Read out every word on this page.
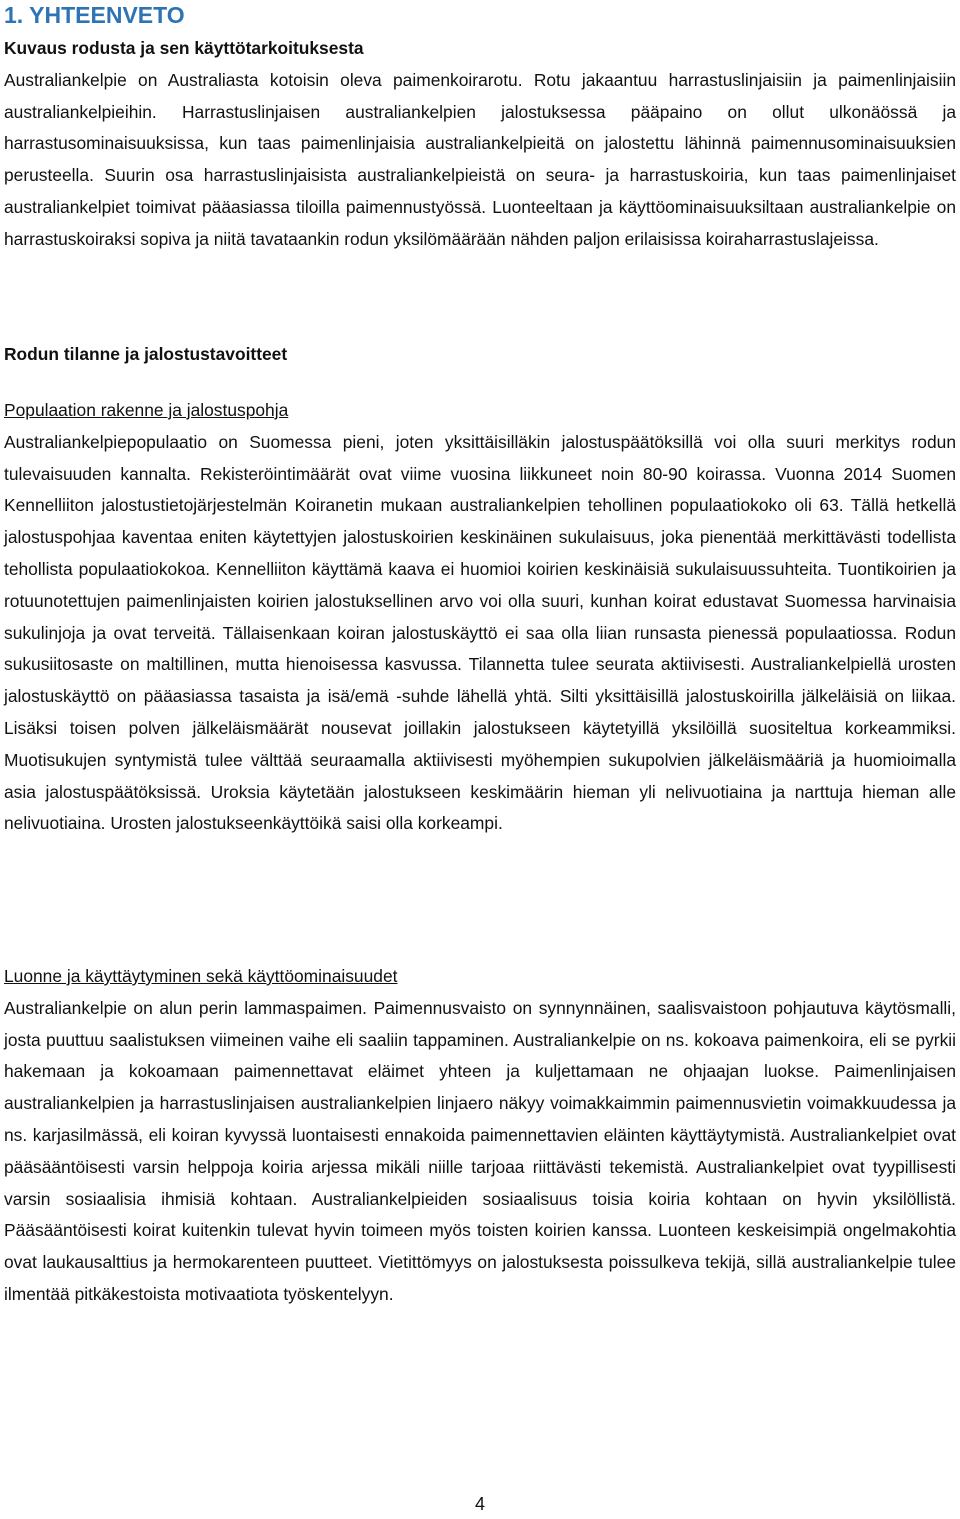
1. YHTEENVETO

Kuvaus rodusta ja sen käyttötarkoituksesta

Australiankelpie on Australiasta kotoisin oleva paimenkoirarotu. Rotu jakaantuu harrastuslinjaisiin ja paimenlinjaisiin australiankelpieihin. Harrastuslinjaisen australiankelpien jalostuksessa pääpaino on ollut ulkonäössä ja harrastusominaisuuksissa, kun taas paimenlinjaisia australiankelpieitä on jalostettu lähinnä paimennusominaisuuksien perusteella. Suurin osa harrastuslinjaisista australiankelpieistä on seura- ja harrastuskoiria, kun taas paimenlinjaiset australiankelpiet toimivat pääasiassa tiloilla paimennustyössä. Luonteeltaan ja käyttöominaisuuksiltaan australiankelpie on harrastuskoiraksi sopiva ja niitä tavataankin rodun yksilömäärään nähden paljon erilaisissa koiraharrastuslajeissa.

Rodun tilanne ja jalostustavoitteet

Populaation rakenne ja jalostuspohja

Australiankelpiepopulaatio on Suomessa pieni, joten yksittäisilläkin jalostuspäätöksillä voi olla suuri merkitys rodun tulevaisuuden kannalta. Rekisteröintimäärät ovat viime vuosina liikkuneet noin 80-90 koirassa. Vuonna 2014 Suomen Kennelliiton jalostustietojärjestelmän Koiranetin mukaan australiankelpien tehollinen populaatiokoko oli 63. Tällä hetkellä jalostuspohjaa kaventaa eniten käytettyjen jalostuskoirien keskinäinen sukulaisuus, joka pienentää merkittävästi todellista tehollista populaatiokokoa. Kennelliiton käyttämä kaava ei huomioi koirien keskinäisiä sukulaisuussuhteita. Tuontikoirien ja rotuunotettujen paimenlinjaisten koirien jalostuksellinen arvo voi olla suuri, kunhan koirat edustavat Suomessa harvinaisia sukulinjoja ja ovat terveitä. Tällaisenkaan koiran jalostuskäyttö ei saa olla liian runsasta pienessä populaatiossa. Rodun sukusiitosaste on maltillinen, mutta hienoisessa kasvussa. Tilannetta tulee seurata aktiivisesti. Australiankelpiellä urosten jalostuskäyttö on pääasiassa tasaista ja isä/emä -suhde lähellä yhtä. Silti yksittäisillä jalostuskoirilla jälkeläisiä on liikaa. Lisäksi toisen polven jälkeläismäärät nousevat joillakin jalostukseen käytetyillä yksilöillä suositeltua korkeammiksi. Muotisukujen syntymistä tulee välttää seuraamalla aktiivisesti myöhempien sukupolvien jälkeläismääriä ja huomioimalla asia jalostuspäätöksissä. Uroksia käytetään jalostukseen keskimäärin hieman yli nelivuotiaina ja narttuja hieman alle nelivuotiaina. Urosten jalostukseenkäyttöikä saisi olla korkeampi.

Luonne ja käyttäytyminen sekä käyttöominaisuudet

Australiankelpie on alun perin lammaspaimen. Paimennusvaisto on synnynnäinen, saalisvaistoon pohjautuva käytösmalli, josta puuttuu saalistuksen viimeinen vaihe eli saaliin tappaminen. Australiankelpie on ns. kokoava paimenkoira, eli se pyrkii hakemaan ja kokoamaan paimennettavat eläimet yhteen ja kuljettamaan ne ohjaajan luokse. Paimenlinjaisen australiankelpien ja harrastuslinjaisen australiankelpien linjaero näkyy voimakkaimmin paimennusvietin voimakkuudessa ja ns. karjasilmässä, eli koiran kyvyssä luontaisesti ennakoida paimennettavien eläinten käyttäytymistä. Australiankelpiet ovat pääsääntöisesti varsin helppoja koiria arjessa mikäli niille tarjoaa riittävästi tekemistä. Australiankelpiet ovat tyypillisesti varsin sosiaalisia ihmisiä kohtaan. Australiankelpieiden sosiaalisuus toisia koiria kohtaan on hyvin yksilöllistä. Pääsääntöisesti koirat kuitenkin tulevat hyvin toimeen myös toisten koirien kanssa. Luonteen keskeisimpiä ongelmakohtia ovat laukausalttius ja hermokarenteen puutteet. Vietittömyys on jalostuksesta poissulkeva tekijä, sillä australiankelpie tulee ilmentää pitkäkestoista motivaatiota työskentelyyn.

4
